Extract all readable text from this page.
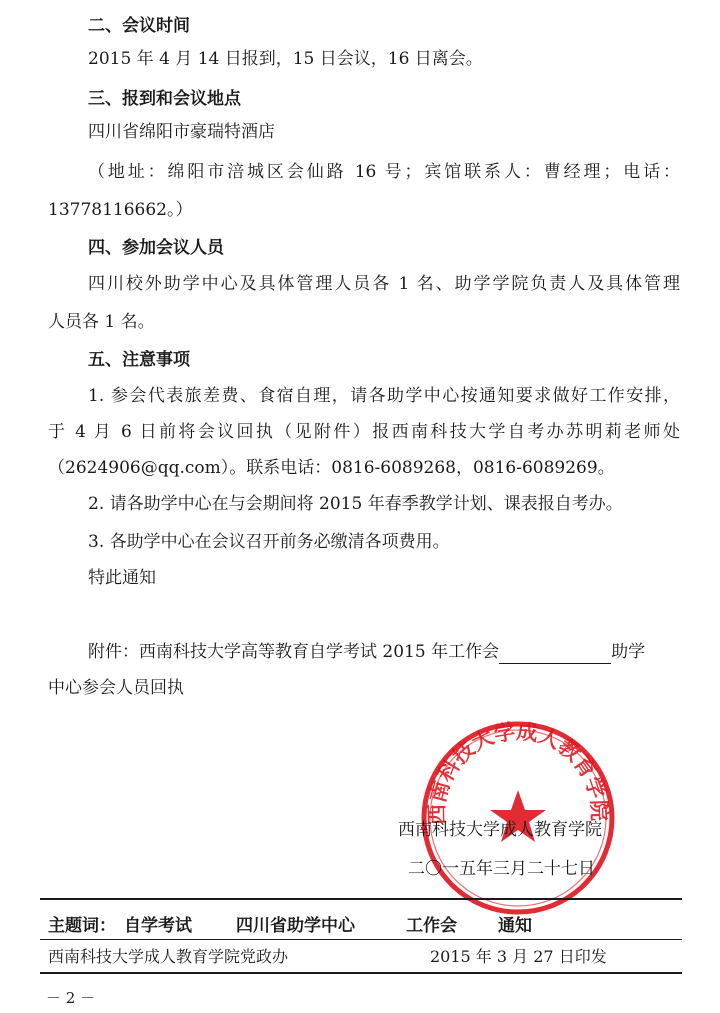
二、会议时间
2015 年 4 月 14 日报到，15 日会议，16 日离会。
三、报到和会议地点
四川省绵阳市豪瑞特酒店
（地址：绵阳市涪城区会仙路 16 号；宾馆联系人：曹经理；电话：
13778116662。）
四、参加会议人员
四川校外助学中心及具体管理人员各 1 名、助学学院负责人及具体管理
人员各 1 名。
五、注意事项
1. 参会代表旅差费、食宿自理，请各助学中心按通知要求做好工作安排，
于 4 月 6 日前将会议回执（见附件）报西南科技大学自考办苏明莉老师处
（2624906@qq.com）。联系电话：0816-6089268，0816-6089269。
2. 请各助学中心在与会期间将 2015 年春季教学计划、课表报自考办。
3. 各助学中心在会议召开前务必缴清各项费用。
特此通知
附件：西南科技大学高等教育自学考试 2015 年工作会	助学
中心参会人员回执
西南科技大学成人教育学院
西南科技大学成人教育学院
二〇一五年三月二十七日
主题词： 自学考试	四川省助学中心	工作会 通知
西南科技大学成人教育学院党政办	2015 年 3 月 27 日印发
－ 2 －
